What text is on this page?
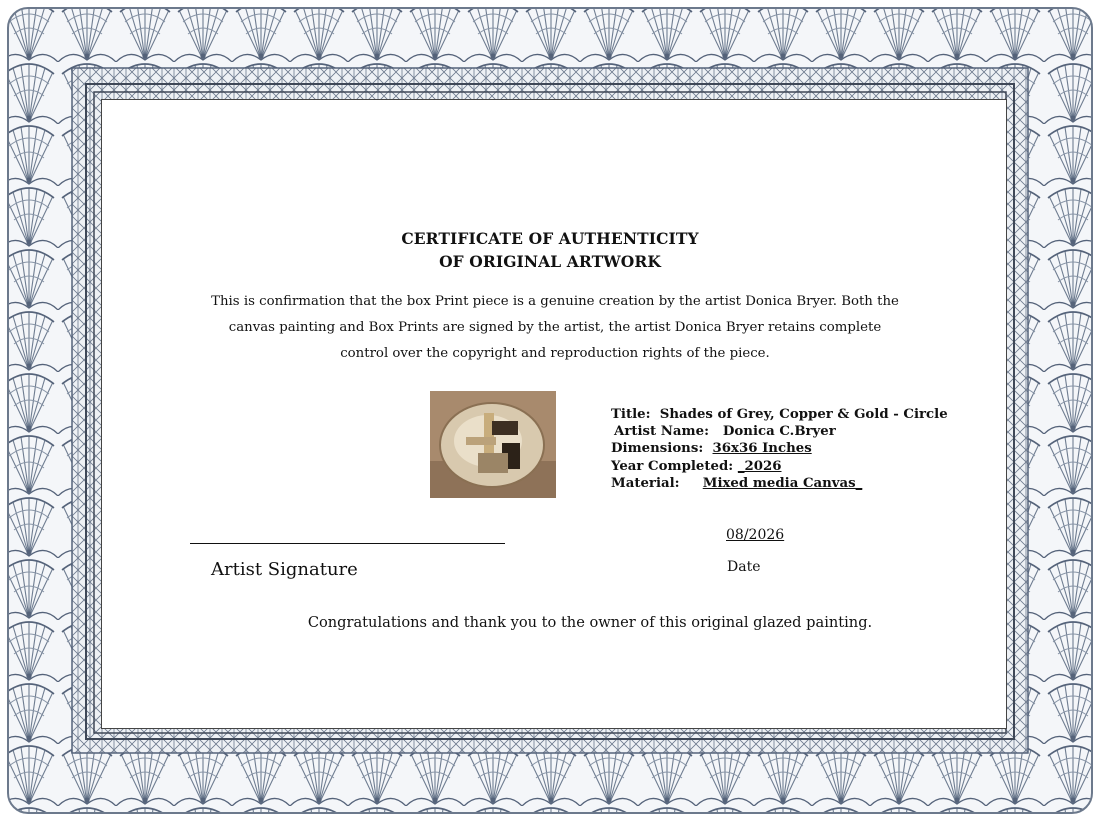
CERTIFICATE OF AUTHENTICITY
OF ORIGINAL ARTWORK
This is confirmation that the box Print piece is a genuine creation by the artist Donica Bryer. Both the
canvas painting and Box Prints are signed by the artist, the artist Donica Bryer retains complete
control over the copyright and reproduction rights of the piece.
Title: Shades of Grey, Copper & Gold - Circle
Artist Name: Donica C.Bryer
Dimensions: 36x36 Inches
Year Completed: _2026
Material: Mixed media Canvas_
Artist Signature
08/2026
Date
Congratulations and thank you to the owner of this original glazed painting.
